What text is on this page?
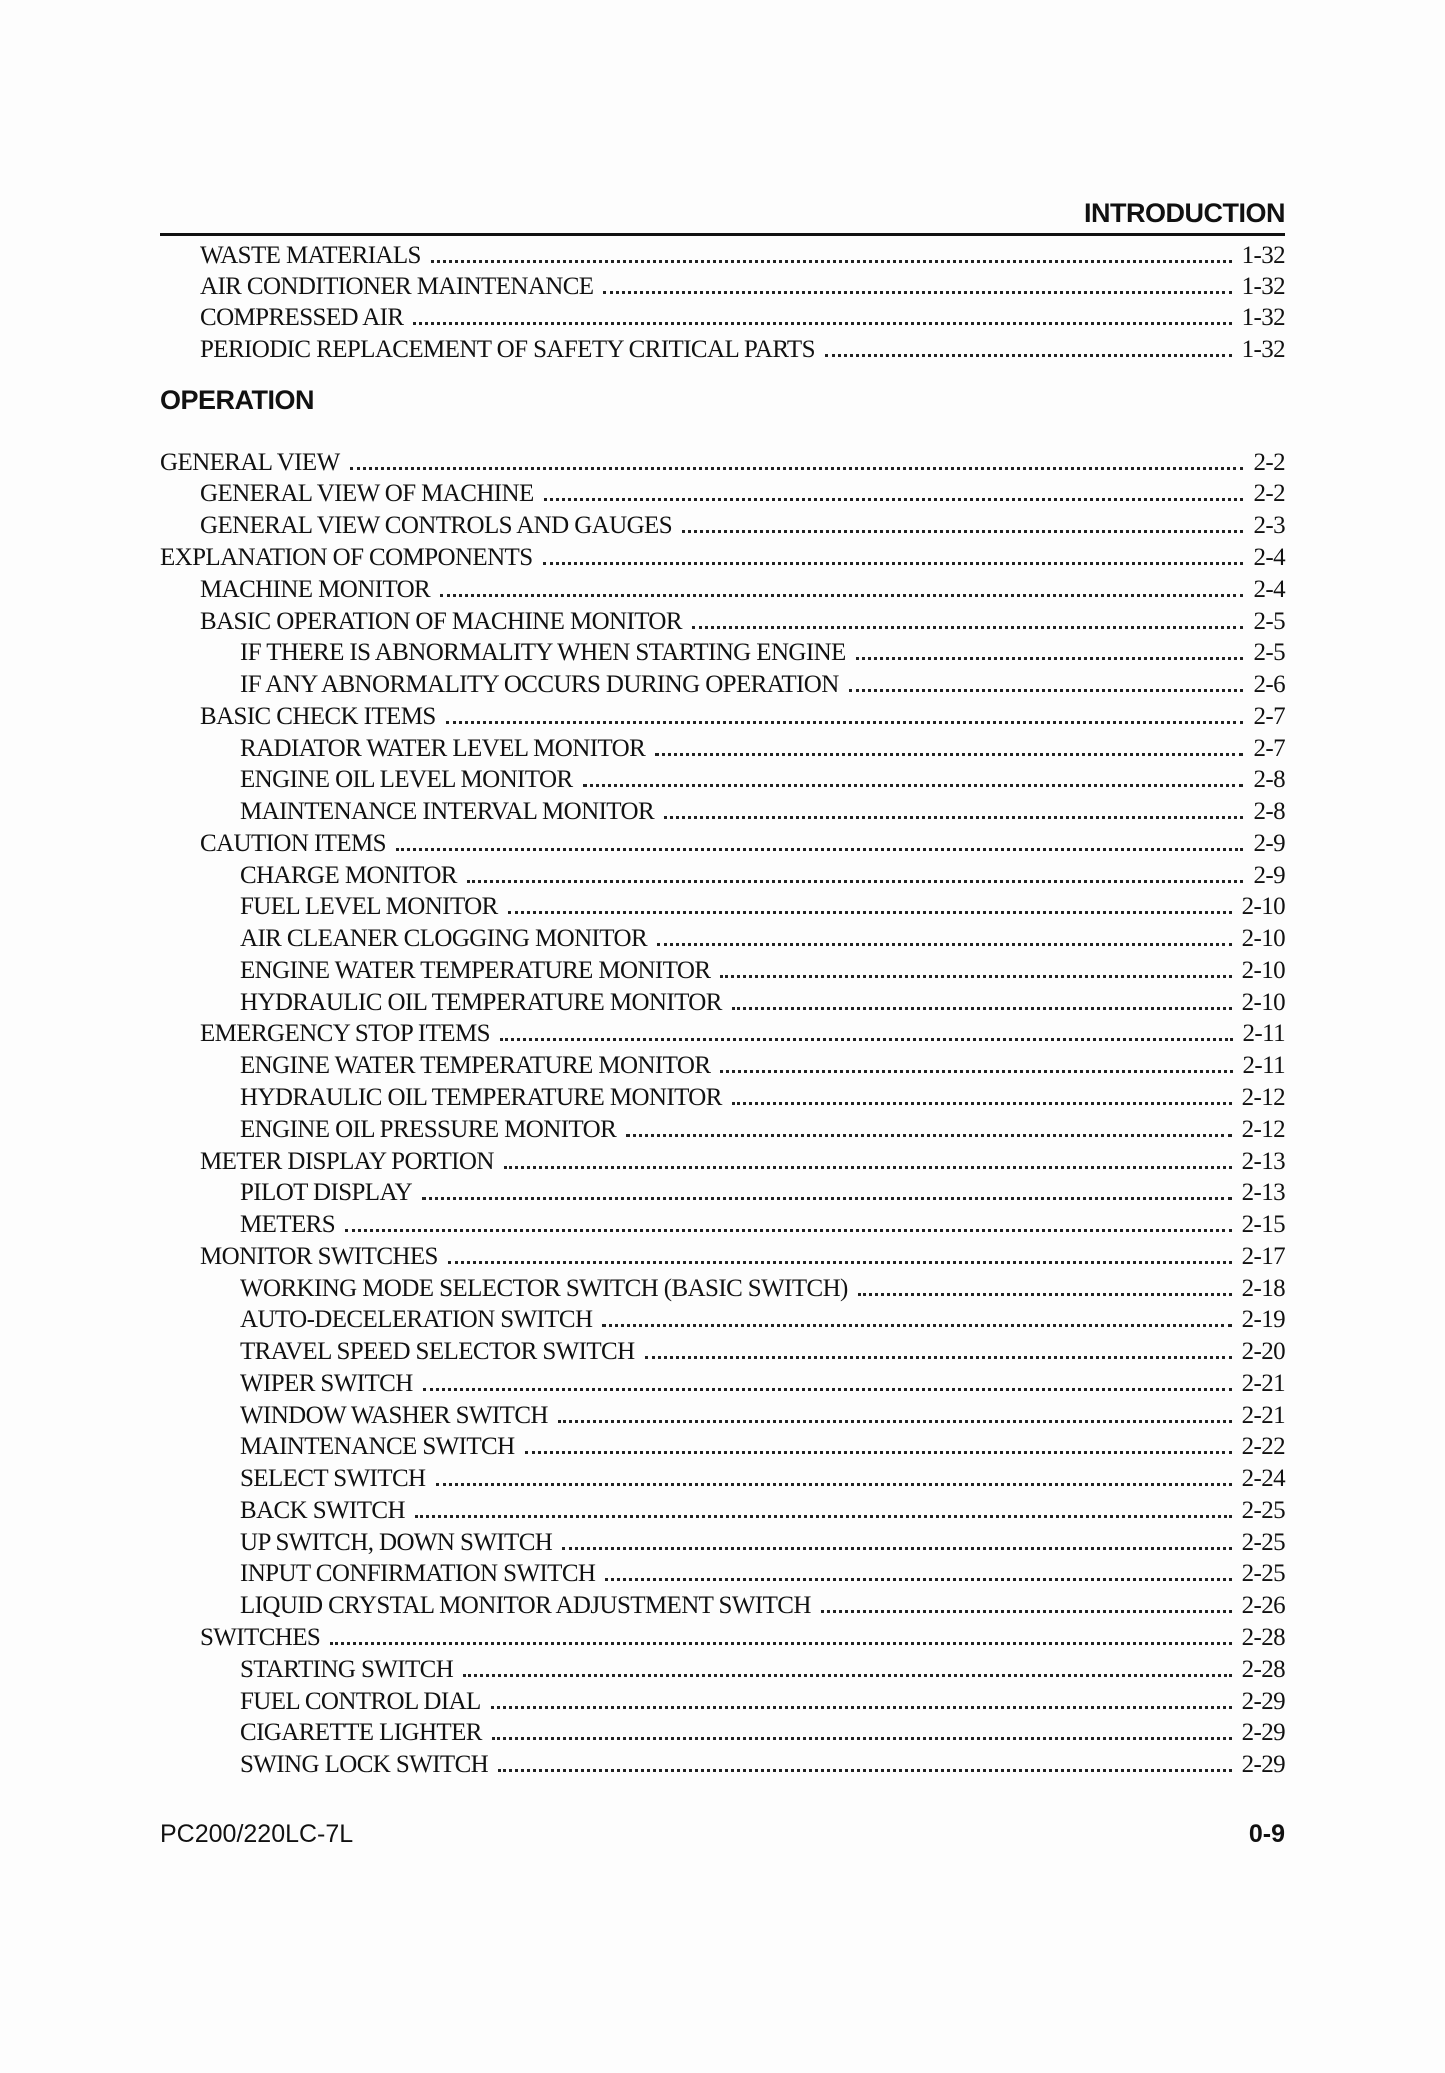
INTRODUCTION
WASTE MATERIALS	1-32
AIR CONDITIONER MAINTENANCE	1-32
COMPRESSED AIR	1-32
PERIODIC REPLACEMENT OF SAFETY CRITICAL PARTS	1-32
OPERATION
GENERAL VIEW	2-2
GENERAL VIEW OF MACHINE	2-2
GENERAL VIEW CONTROLS AND GAUGES	2-3
EXPLANATION OF COMPONENTS	2-4
MACHINE MONITOR	2-4
BASIC OPERATION OF MACHINE MONITOR	2-5
IF THERE IS ABNORMALITY WHEN STARTING ENGINE	2-5
IF ANY ABNORMALITY OCCURS DURING OPERATION	2-6
BASIC CHECK ITEMS	2-7
RADIATOR WATER LEVEL MONITOR	2-7
ENGINE OIL LEVEL MONITOR	2-8
MAINTENANCE INTERVAL MONITOR	2-8
CAUTION ITEMS	2-9
CHARGE MONITOR	2-9
FUEL LEVEL MONITOR	2-10
AIR CLEANER CLOGGING MONITOR	2-10
ENGINE WATER TEMPERATURE MONITOR	2-10
HYDRAULIC OIL TEMPERATURE MONITOR	2-10
EMERGENCY STOP ITEMS	2-11
ENGINE WATER TEMPERATURE MONITOR	2-11
HYDRAULIC OIL TEMPERATURE MONITOR	2-12
ENGINE OIL PRESSURE MONITOR	2-12
METER DISPLAY PORTION	2-13
PILOT DISPLAY	2-13
METERS	2-15
MONITOR SWITCHES	2-17
WORKING MODE SELECTOR SWITCH (BASIC SWITCH)	2-18
AUTO-DECELERATION SWITCH	2-19
TRAVEL SPEED SELECTOR SWITCH	2-20
WIPER SWITCH	2-21
WINDOW WASHER SWITCH	2-21
MAINTENANCE SWITCH	2-22
SELECT SWITCH	2-24
BACK SWITCH	2-25
UP SWITCH, DOWN SWITCH	2-25
INPUT CONFIRMATION SWITCH	2-25
LIQUID CRYSTAL MONITOR ADJUSTMENT SWITCH	2-26
SWITCHES	2-28
STARTING SWITCH	2-28
FUEL CONTROL DIAL	2-29
CIGARETTE LIGHTER	2-29
SWING LOCK SWITCH	2-29
PC200/220LC-7L	0-9
